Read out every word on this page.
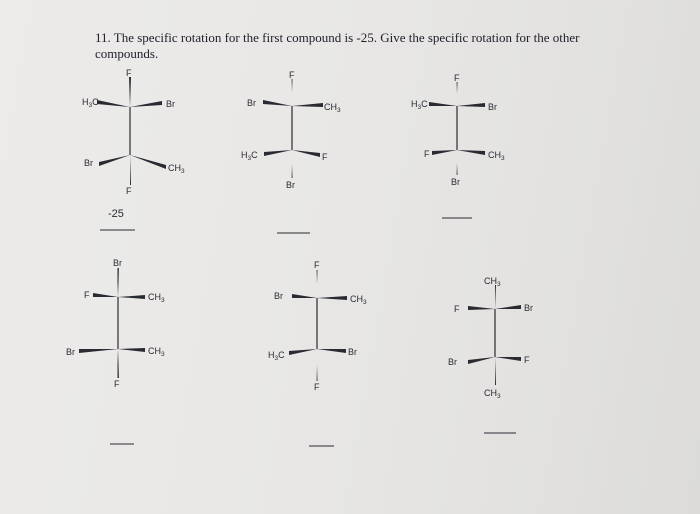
11. The specific rotation for the first compound is -25. Give the specific rotation for the other compounds.

F
F
$H_3C$	Br
Br	$CH_3$
-25
F
Br
Br	$CH_3$
$H_3C$	F
F
Br
$H_3C$	Br
F	$CH_3$
Br
F
F	$CH_3$
Br	$CH_3$
F
F
Br	$CH_3$
$H_3C$	Br
$CH_3$
$CH_3$
F	Br
Br	F
